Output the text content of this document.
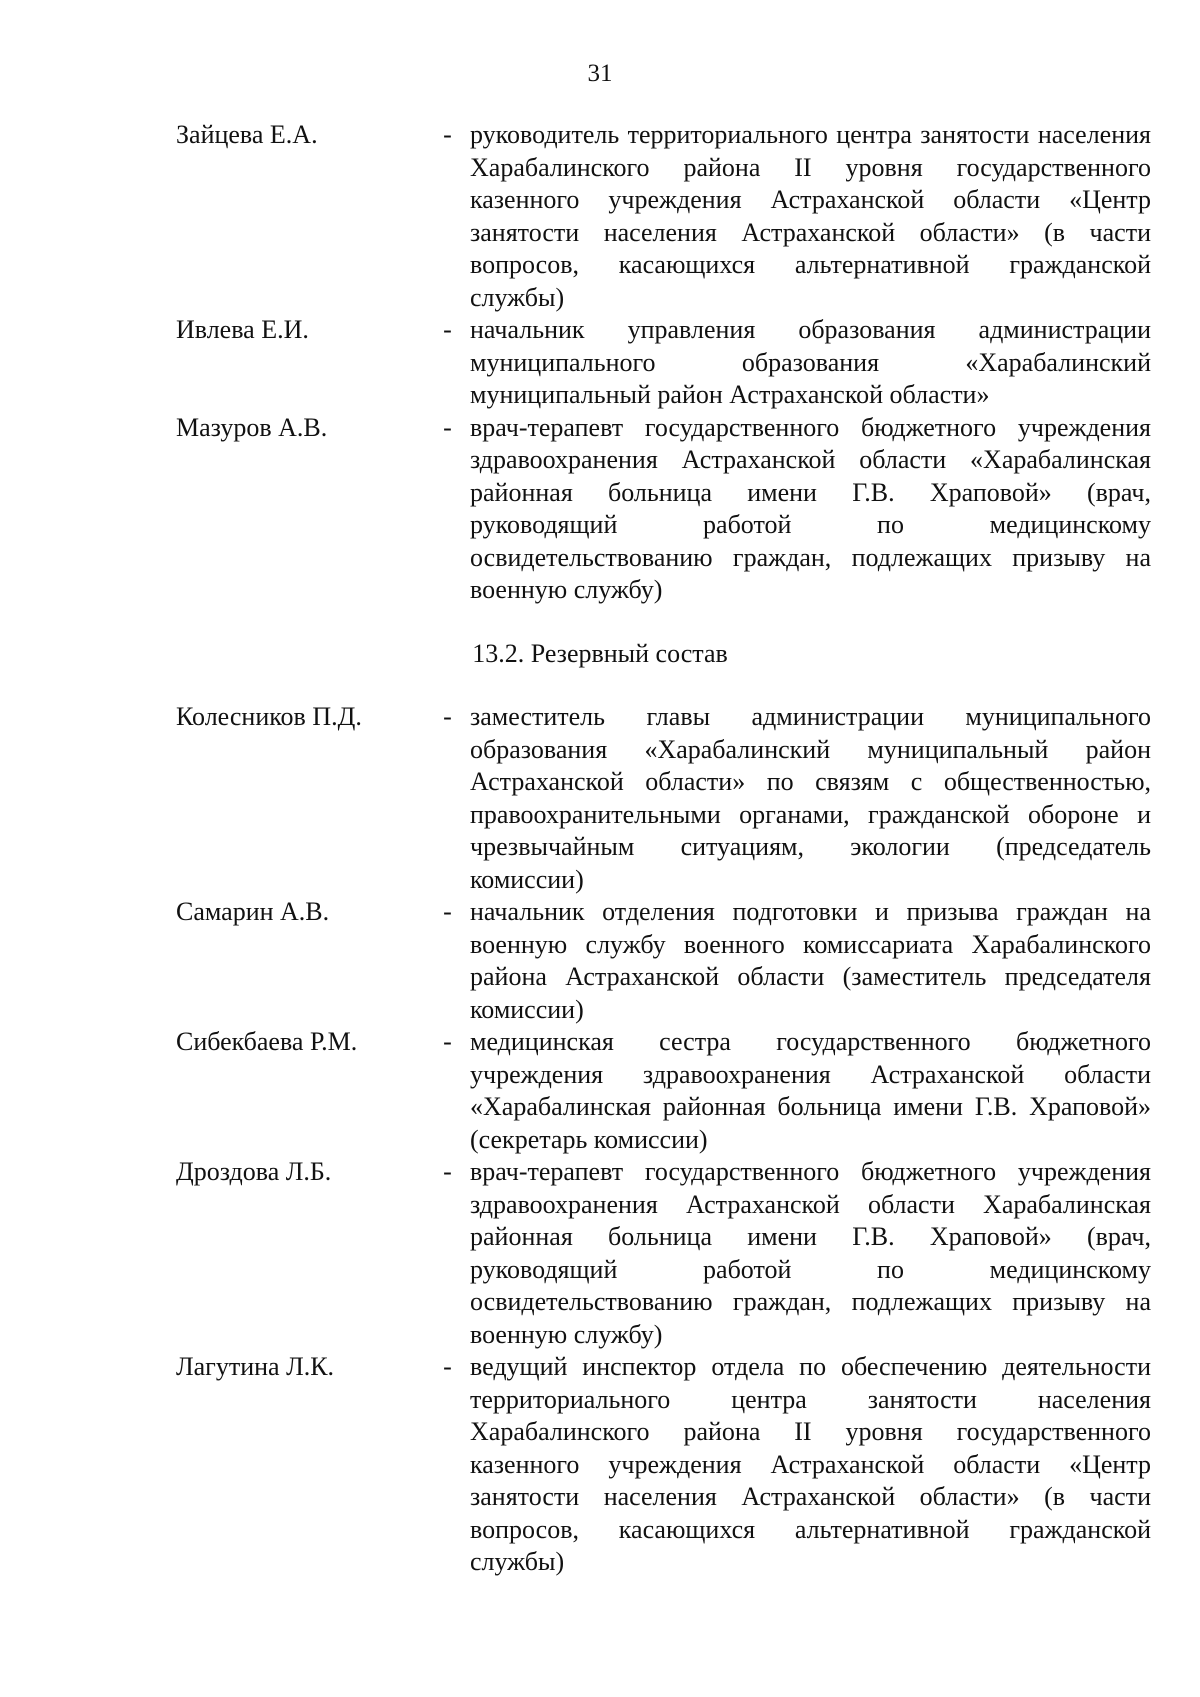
31
Зайцева Е.А.	- руководитель территориального центра занятости населения Харабалинского района II уровня государственного казенного учреждения Астраханской области «Центр занятости населения Астраханской области» (в части вопросов, касающихся альтернативной гражданской службы)
Ивлева Е.И.	- начальник управления образования администрации муниципального образования «Харабалинский муниципальный район Астраханской области»
Мазуров А.В.	- врач-терапевт государственного бюджетного учреждения здравоохранения Астраханской области «Харабалинская районная больница имени Г.В. Храповой» (врач, руководящий работой по медицинскому освидетельствованию граждан, подлежащих призыву на военную службу)
13.2. Резервный состав
Колесников П.Д.	- заместитель главы администрации муниципального образования «Харабалинский муниципальный район Астраханской области» по связям с общественностью, правоохранительными органами, гражданской обороне и чрезвычайным ситуациям, экологии (председатель комиссии)
Самарин А.В.	- начальник отделения подготовки и призыва граждан на военную службу военного комиссариата Харабалинского района Астраханской области (заместитель председателя комиссии)
Сибекбаева Р.М.	- медицинская сестра государственного бюджетного учреждения здравоохранения Астраханской области «Харабалинская районная больница имени Г.В. Храповой» (секретарь комиссии)
Дроздова Л.Б.	- врач-терапевт государственного бюджетного учреждения здравоохранения Астраханской области Харабалинская районная больница имени Г.В. Храповой» (врач, руководящий работой по медицинскому освидетельствованию граждан, подлежащих призыву на военную службу)
Лагутина Л.К.	- ведущий инспектор отдела по обеспечению деятельности территориального центра занятости населения Харабалинского района II уровня государственного казенного учреждения Астраханской области «Центр занятости населения Астраханской области» (в части вопросов, касающихся альтернативной гражданской службы)
